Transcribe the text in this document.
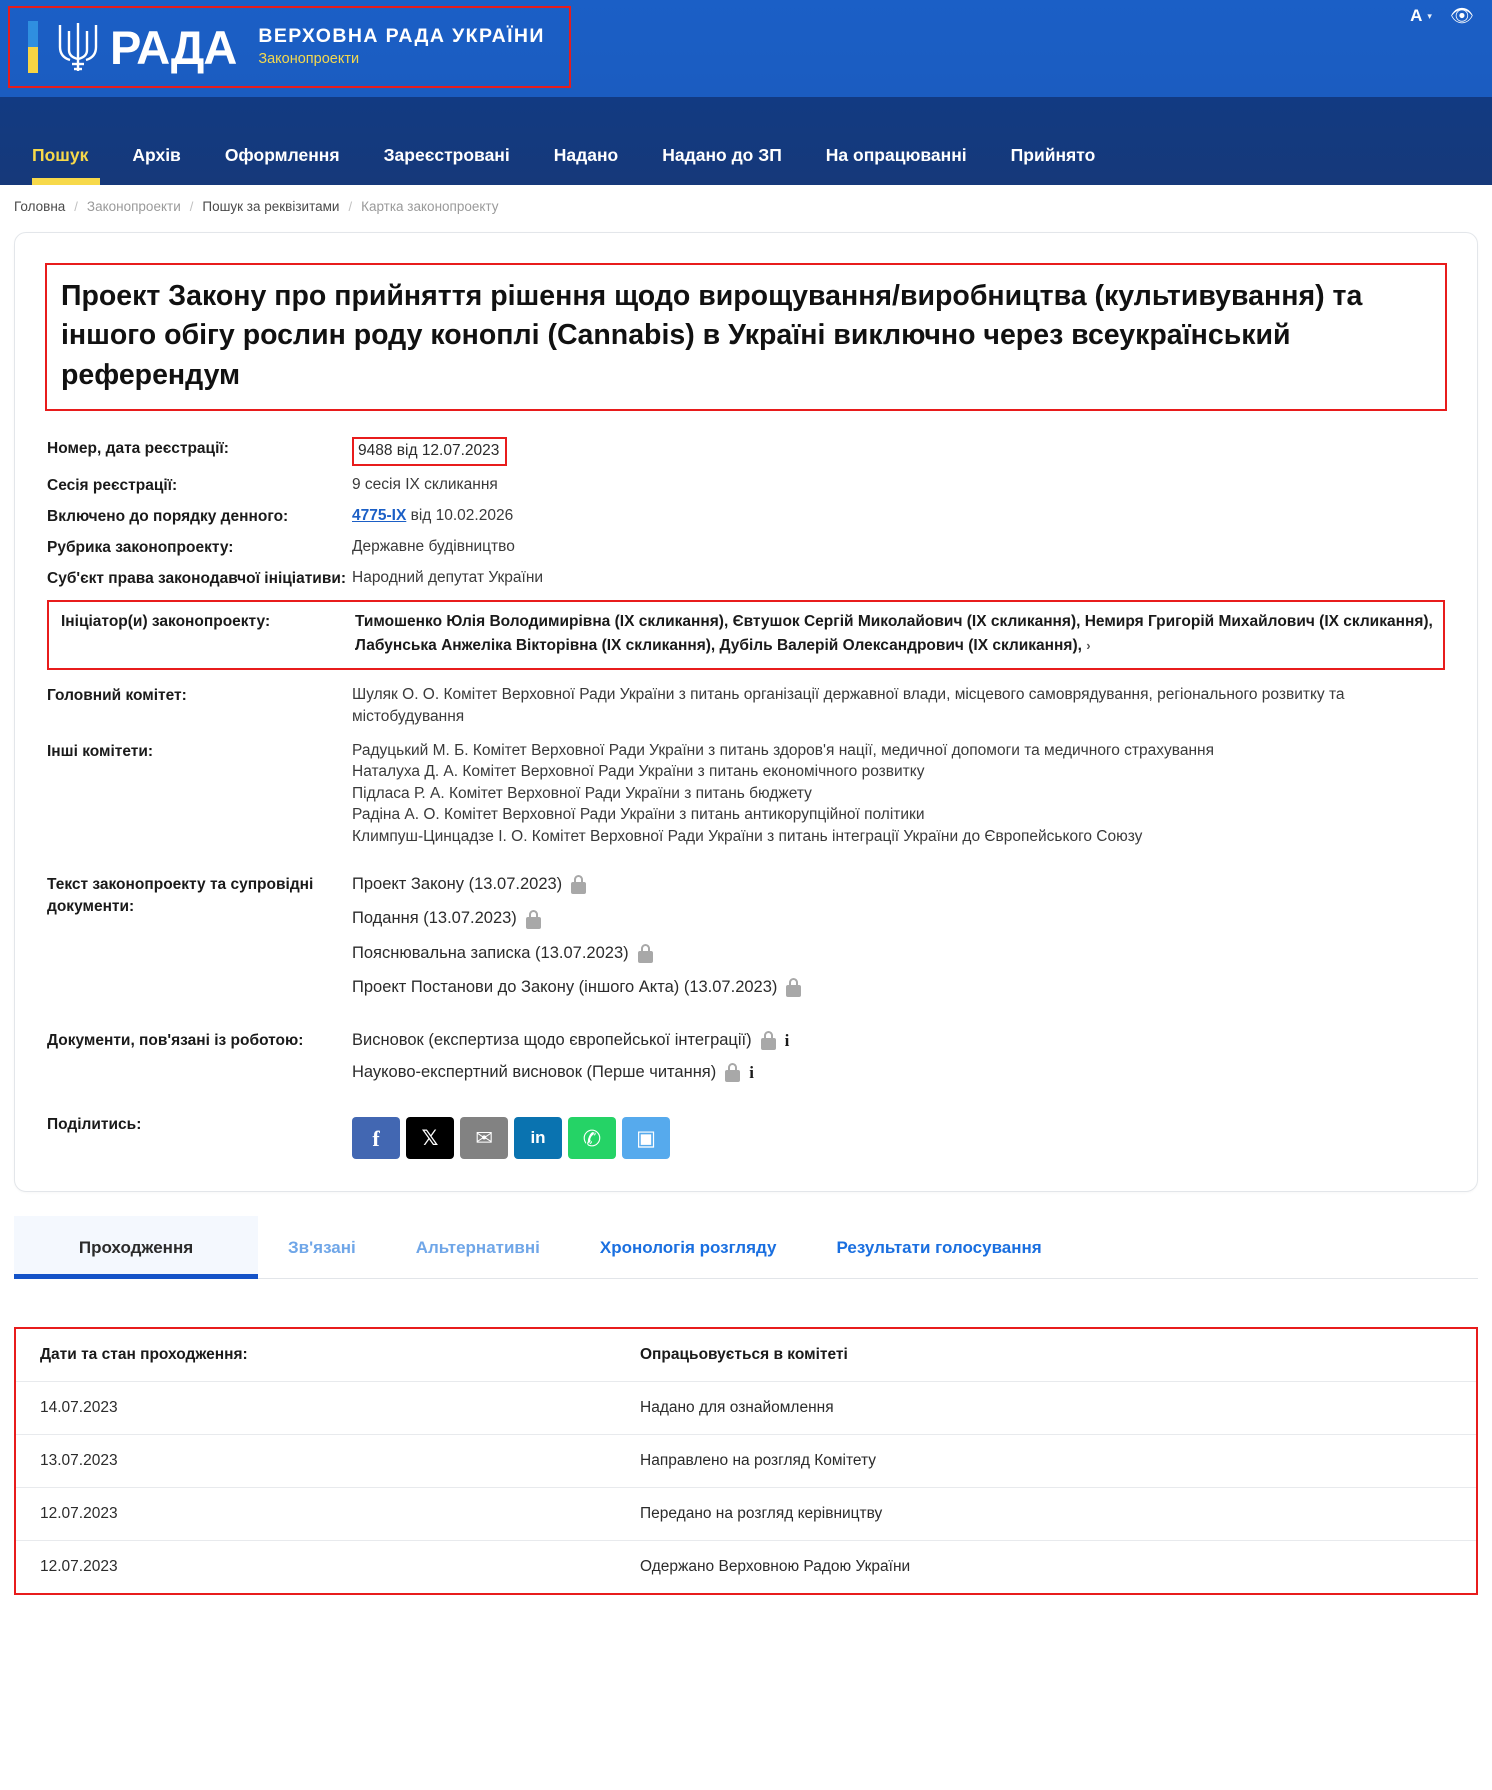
РАДА ВЕРХОВНА РАДА УКРАЇНИ
Законопроекти
A ▾ 👁
Пошук	Архів	Оформлення	Зареєстровані	Надано	Надано до ЗП	На опрацюванні	Прийнято
Головна / Законопроекти / Пошук за реквізитами / Картка законопроекту
Проект Закону про прийняття рішення щодо вирощування/виробництва (культивування) та іншого обігу рослин роду коноплі (Cannabis) в Україні виключно через всеукраїнський референдум
Номер, дата реєстрації:	9488 від 12.07.2023
Сесія реєстрації:	9 сесія IX скликання
Включено до порядку денного:	4775-IX від 10.02.2026
Рубрика законопроекту:	Державне будівництво
Суб'єкт права законодавчої ініціативи: Народний депутат України
Ініціатор(и) законопроекту:	Тимошенко Юлія Володимирівна (IX скликання), Євтушок Сергій Миколайович (IX скликання), Немиря Григорій Михайлович (IX скликання), Лабунська Анжеліка Вікторівна (IX скликання), Дубіль Валерій Олександрович (IX скликання), ›
Головний комітет:	Шуляк О. О. Комітет Верховної Ради України з питань організації державної влади, місцевого самоврядування, регіонального розвитку та містобудування
Інші комітети:	Радуцький М. Б. Комітет Верховної Ради України з питань здоров'я нації, медичної допомоги та медичного страхування
Наталуха Д. А. Комітет Верховної Ради України з питань економічного розвитку
Підласа Р. А. Комітет Верховної Ради України з питань бюджету
Радіна А. О. Комітет Верховної Ради України з питань антикорупційної політики
Климпуш-Цинцадзе І. О. Комітет Верховної Ради України з питань інтеграції України до Європейського Союзу
Текст законопроекту та супровідні документи:
Проект Закону (13.07.2023)
Подання (13.07.2023)
Пояснювальна записка (13.07.2023)
Проект Постанови до Закону (іншого Акта) (13.07.2023)
Документи, пов'язані із роботою:	Висновок (експертиза щодо європейської інтеграції) i
Науково-експертний висновок (Перше читання) i
Поділитись:
f 𝕏 ✉ in ✆ ▣
Проходження	Зв'язані	Альтернативні	Хронологія розгляду	Результати голосування
Дати та стан проходження:	Опрацьовується в комітеті
14.07.2023	Надано для ознайомлення
13.07.2023	Направлено на розгляд Комітету
12.07.2023	Передано на розгляд керівництву
12.07.2023	Одержано Верховною Радою України
